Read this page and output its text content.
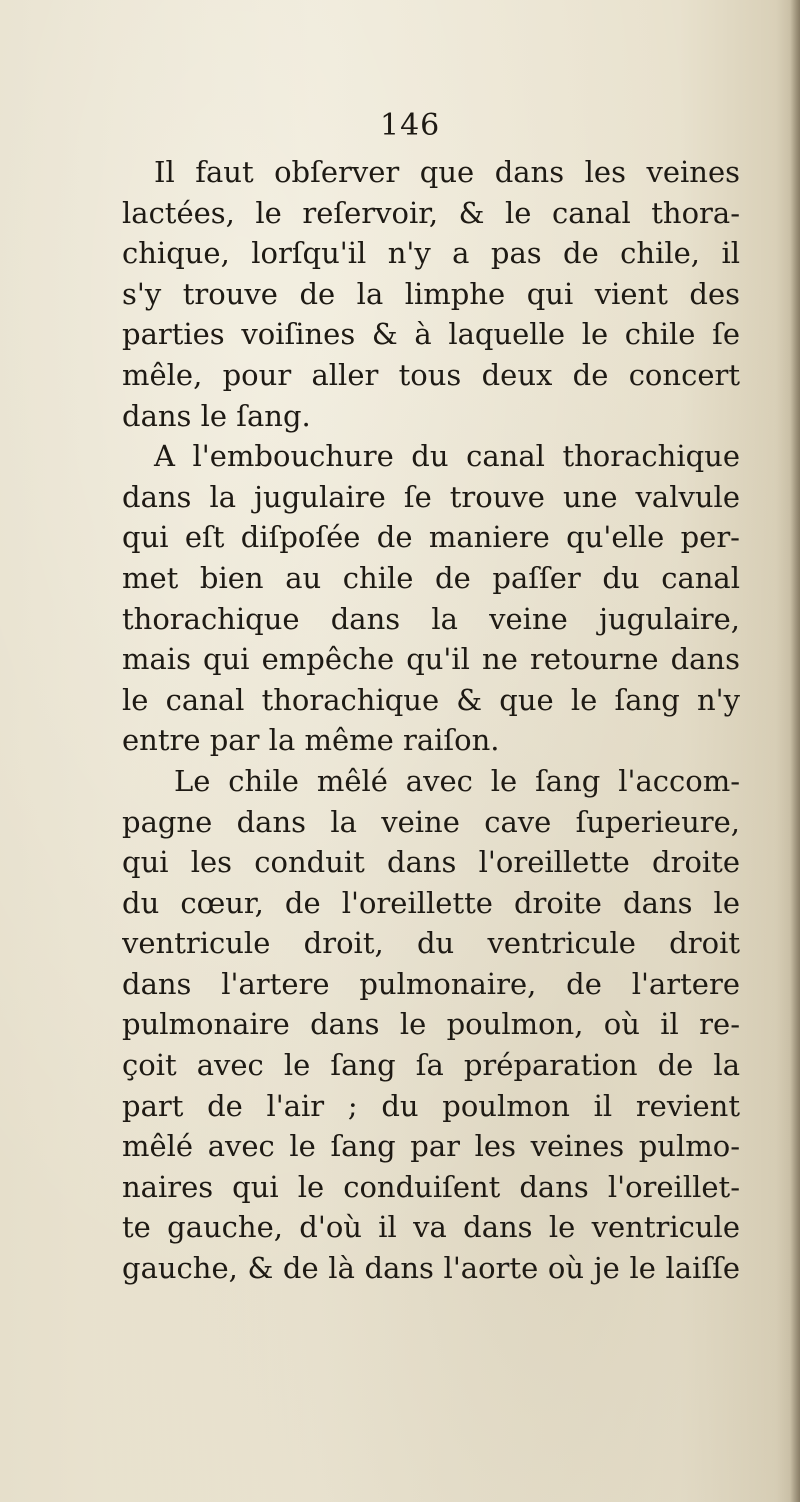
146
Il faut obſerver que dans les veines
lactées, le reſervoir, & le canal thora-
chique, lorſqu'il n'y a pas de chile, il
s'y trouve de la limphe qui vient des
parties voiſines & à laquelle le chile ſe
mêle, pour aller tous deux de concert
dans le ſang.
A l'embouchure du canal thorachique
dans la jugulaire ſe trouve une valvule
qui eſt diſpoſée de maniere qu'elle per-
met bien au chile de paſſer du canal
thorachique dans la veine jugulaire,
mais qui empêche qu'il ne retourne dans
le canal thorachique & que le ſang n'y
entre par la même raiſon.
Le chile mêlé avec le ſang l'accom-
pagne dans la veine cave ſuperieure,
qui les conduit dans l'oreillette droite
du cœur, de l'oreillette droite dans le
ventricule droit, du ventricule droit
dans l'artere pulmonaire, de l'artere
pulmonaire dans le poulmon, où il re-
çoit avec le ſang ſa préparation de la
part de l'air ; du poulmon il revient
mêlé avec le ſang par les veines pulmo-
naires qui le conduiſent dans l'oreillet-
te gauche, d'où il va dans le ventricule
gauche, & de là dans l'aorte où je le laiſſe
